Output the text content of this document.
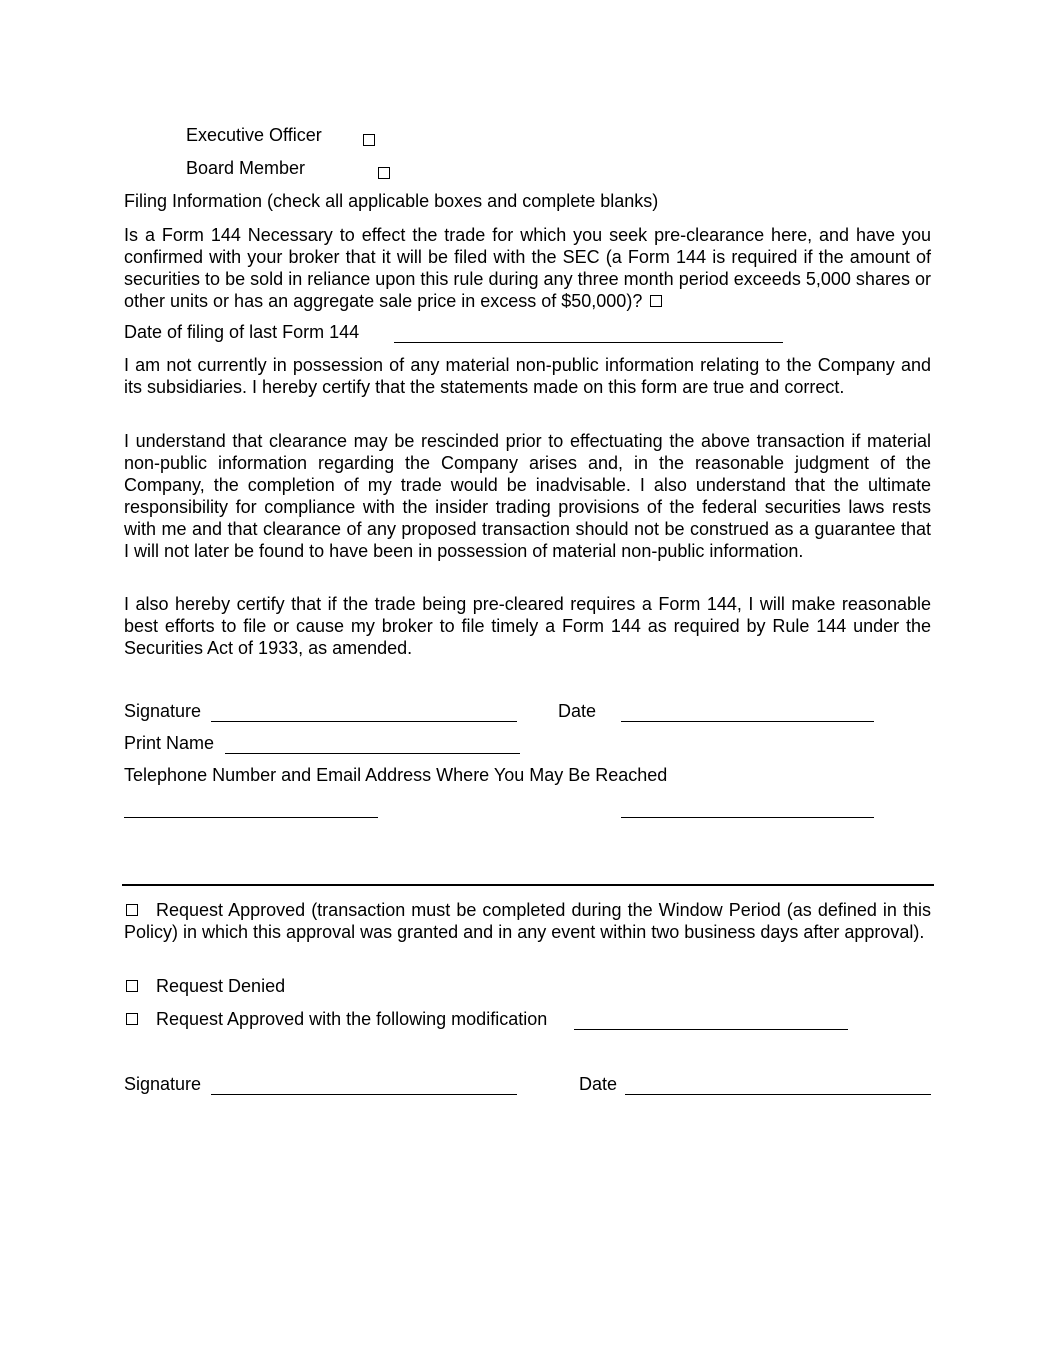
Executive Officer

Board Member
Filing Information (check all applicable boxes and complete blanks)
Is a Form 144 Necessary to effect the trade for which you seek pre-clearance here, and have you confirmed with your broker that it will be filed with the SEC (a Form 144 is required if the amount of securities to be sold in reliance upon this rule during any three month period exceeds 5,000 shares or other units or has an aggregate sale price in excess of $50,000)?
Date of filing of last Form 144
I am not currently in possession of any material non-public information relating to the Company and its subsidiaries. I hereby certify that the statements made on this form are true and correct.
I understand that clearance may be rescinded prior to effectuating the above transaction if material non-public information regarding the Company arises and, in the reasonable judgment of the Company, the completion of my trade would be inadvisable. I also understand that the ultimate responsibility for compliance with the insider trading provisions of the federal securities laws rests with me and that clearance of any proposed transaction should not be construed as a guarantee that I will not later be found to have been in possession of material non-public information.
I also hereby certify that if the trade being pre-cleared requires a Form 144, I will make reasonable best efforts to file or cause my broker to file timely a Form 144 as required by Rule 144 under the Securities Act of 1933, as amended.
Signature	Date
Print Name
Telephone Number and Email Address Where You May Be Reached
Request Approved (transaction must be completed during the Window Period (as defined in this Policy) in which this approval was granted and in any event within two business days after approval).
Request Denied
Request Approved with the following modification
Signature	Date
